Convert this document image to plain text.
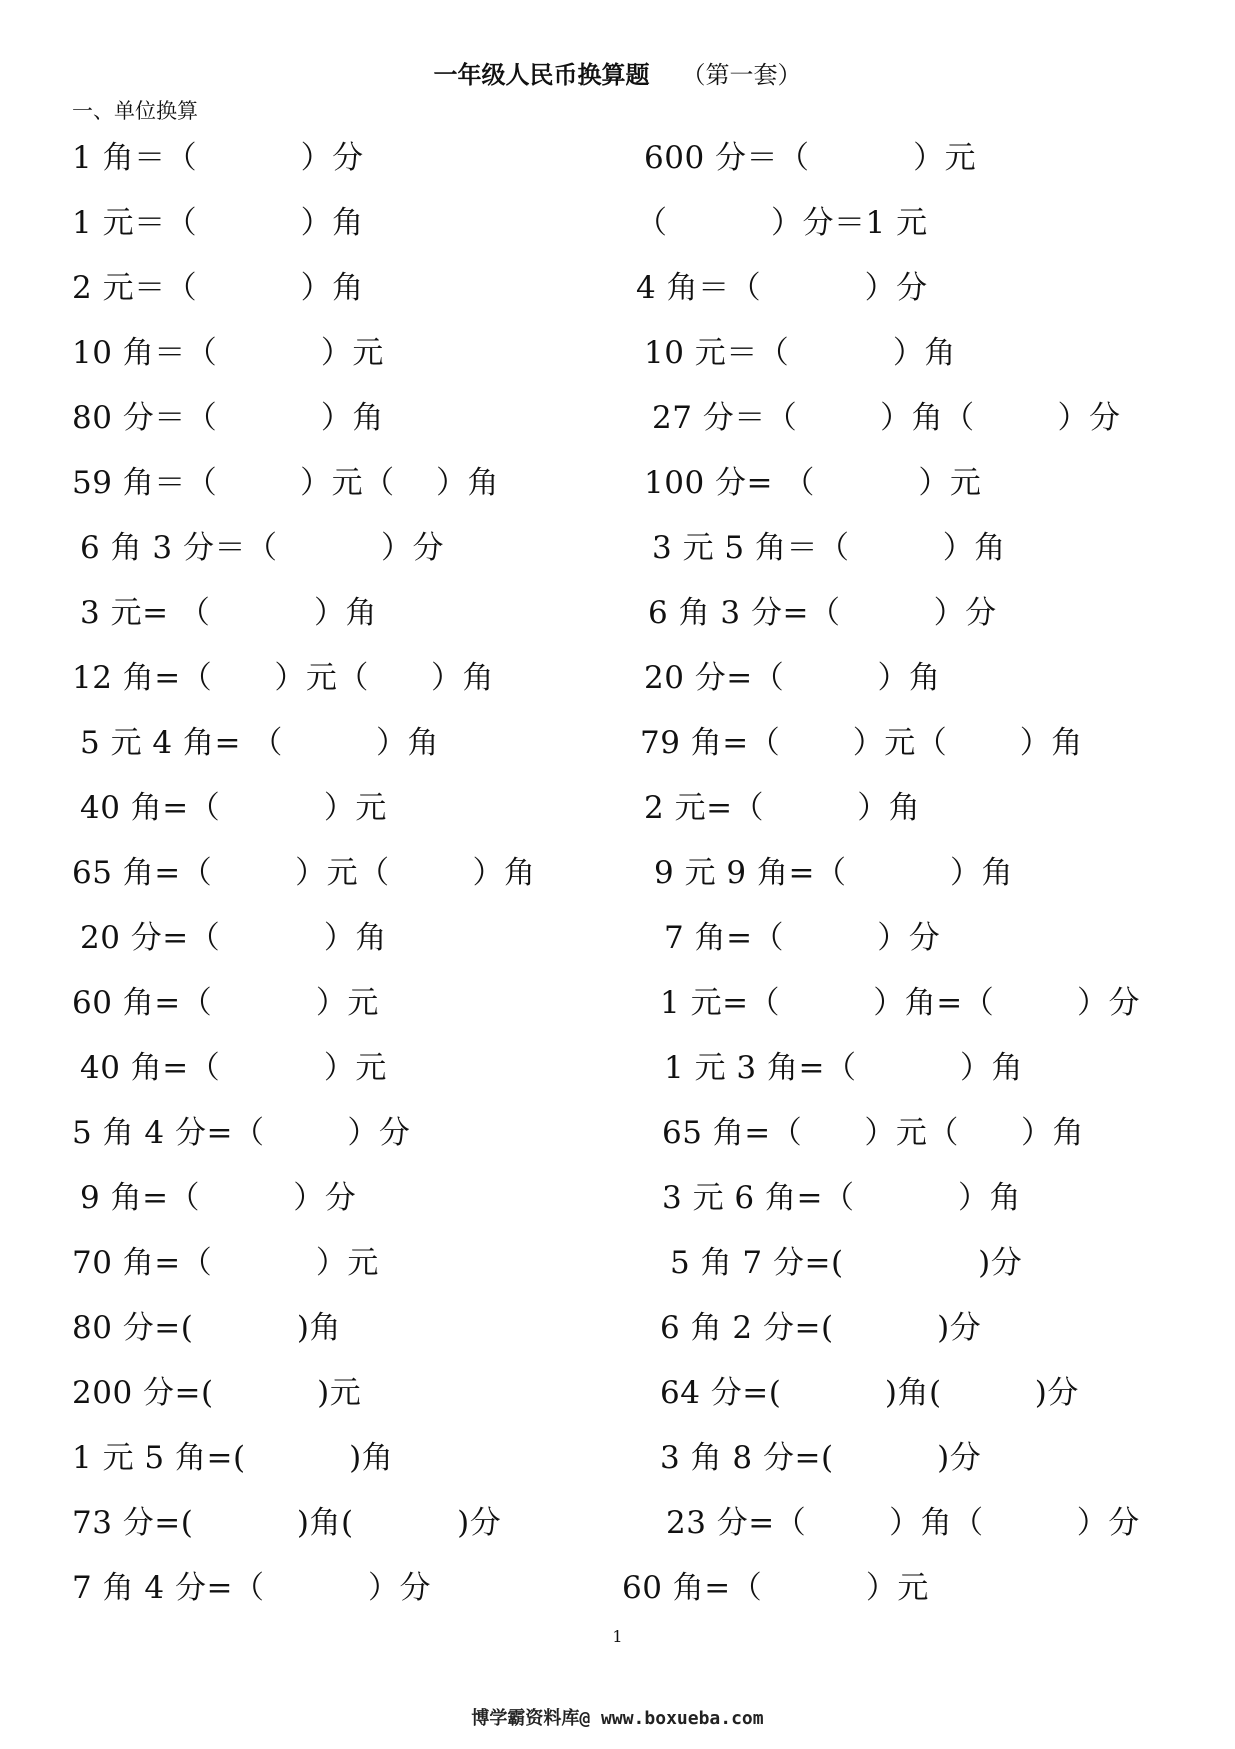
一年级人民币换算题 （第一套）
一、单位换算
1 角＝（          ）分	600 分＝（          ）元
1 元＝（          ）角	（          ）分＝1 元
2 元＝（          ）角	4 角＝（          ）分
10 角＝（          ）元	10 元＝（          ）角
80 分＝（          ）角	27 分＝（        ）角（        ）分
59 角＝（        ）元（    ）角	100 分= （          ）元
6 角 3 分＝（          ）分	3 元 5 角＝（         ）角
3 元= （          ）角	6 角 3 分=（         ）分
12 角=（      ）元（      ）角	20 分=（         ）角
5 元 4 角= （         ）角	79 角=（       ）元（       ）角
40 角=（          ）元	2 元=（         ）角
65 角=（        ）元（        ）角	9 元 9 角=（          ）角
20 分=（          ）角	7 角=（         ）分
60 角=（          ）元	1 元=（         ）角=（        ）分
40 角=（          ）元	1 元 3 角=（          ）角
5 角 4 分=（        ）分	65 角=（      ）元（      ）角
9 角=（         ）分	3 元 6 角=（          ）角
70 角=（          ）元	5 角 7 分=(             )分
80 分=(          )角	6 角 2 分=(          )分
200 分=(          )元	64 分=(          )角(         )分
1 元 5 角=(          )角	3 角 8 分=(          )分
73 分=(          )角(          )分	23 分=（        ）角（         ）分
7 角 4 分=（          ）分	60 角=（          ）元
1
博学霸资料库@ www.boxueba.com
